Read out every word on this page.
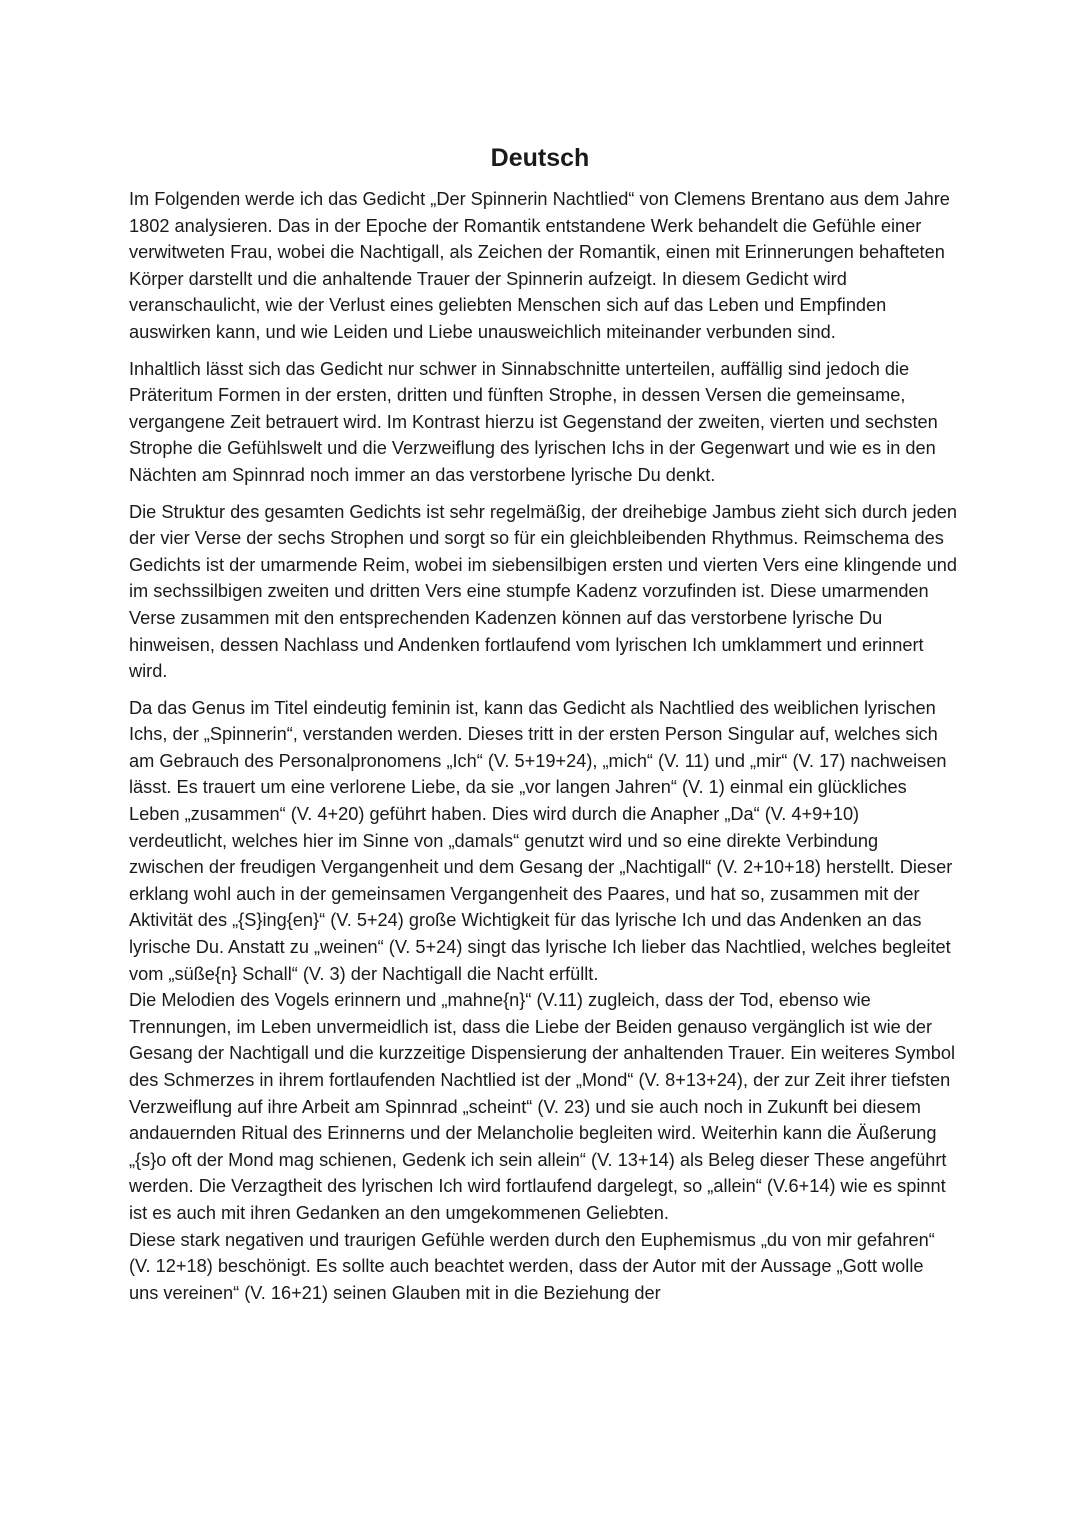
Deutsch

Im Folgenden werde ich das Gedicht „Der Spinnerin Nachtlied“ von Clemens Brentano aus dem Jahre 1802 analysieren. Das in der Epoche der Romantik entstandene Werk behandelt die Gefühle einer verwitweten Frau, wobei die Nachtigall, als Zeichen der Romantik, einen mit Erinnerungen behafteten Körper darstellt und die anhaltende Trauer der Spinnerin aufzeigt. In diesem Gedicht wird veranschaulicht, wie der Verlust eines geliebten Menschen sich auf das Leben und Empfinden auswirken kann, und wie Leiden und Liebe unausweichlich miteinander verbunden sind.

Inhaltlich lässt sich das Gedicht nur schwer in Sinnabschnitte unterteilen, auffällig sind jedoch die Präteritum Formen in der ersten, dritten und fünften Strophe, in dessen Versen die gemeinsame, vergangene Zeit betrauert wird. Im Kontrast hierzu ist Gegenstand der zweiten, vierten und sechsten Strophe die Gefühlswelt und die Verzweiflung des lyrischen Ichs in der Gegenwart und wie es in den Nächten am Spinnrad noch immer an das verstorbene lyrische Du denkt.

Die Struktur des gesamten Gedichts ist sehr regelmäßig, der dreihebige Jambus zieht sich durch jeden der vier Verse der sechs Strophen und sorgt so für ein gleichbleibenden Rhythmus. Reimschema des Gedichts ist der umarmende Reim, wobei im siebensilbigen ersten und vierten Vers eine klingende und im sechssilbigen zweiten und dritten Vers eine stumpfe Kadenz vorzufinden ist. Diese umarmenden Verse zusammen mit den entsprechenden Kadenzen können auf das verstorbene lyrische Du hinweisen, dessen Nachlass und Andenken fortlaufend vom lyrischen Ich umklammert und erinnert wird.

Da das Genus im Titel eindeutig feminin ist, kann das Gedicht als Nachtlied des weiblichen lyrischen Ichs, der „Spinnerin“, verstanden werden. Dieses tritt in der ersten Person Singular auf, welches sich am Gebrauch des Personalpronomens „Ich“ (V. 5+19+24), „mich“ (V. 11) und „mir“ (V. 17) nachweisen lässt. Es trauert um eine verlorene Liebe, da sie „vor langen Jahren“ (V. 1) einmal ein glückliches Leben „zusammen“ (V. 4+20) geführt haben. Dies wird durch die Anapher „Da“ (V. 4+9+10) verdeutlicht, welches hier im Sinne von „damals“ genutzt wird und so eine direkte Verbindung zwischen der freudigen Vergangenheit und dem Gesang der „Nachtigall“ (V. 2+10+18) herstellt. Dieser erklang wohl auch in der gemeinsamen Vergangenheit des Paares, und hat so, zusammen mit der Aktivität des „{S}ing{en}“ (V. 5+24) große Wichtigkeit für das lyrische Ich und das Andenken an das lyrische Du. Anstatt zu „weinen“ (V. 5+24) singt das lyrische Ich lieber das Nachtlied, welches begleitet vom „süße{n} Schall“ (V. 3) der Nachtigall die Nacht erfüllt.

Die Melodien des Vogels erinnern und „mahne{n}“ (V.11) zugleich, dass der Tod, ebenso wie Trennungen, im Leben unvermeidlich ist, dass die Liebe der Beiden genauso vergänglich ist wie der Gesang der Nachtigall und die kurzzeitige Dispensierung der anhaltenden Trauer. Ein weiteres Symbol des Schmerzes in ihrem fortlaufenden Nachtlied ist der „Mond“ (V. 8+13+24), der zur Zeit ihrer tiefsten Verzweiflung auf ihre Arbeit am Spinnrad „scheint“ (V. 23) und sie auch noch in Zukunft bei diesem andauernden Ritual des Erinnerns und der Melancholie begleiten wird. Weiterhin kann die Äußerung „{s}o oft der Mond mag schienen, Gedenk ich sein allein“ (V. 13+14) als Beleg dieser These angeführt werden. Die Verzagtheit des lyrischen Ich wird fortlaufend dargelegt, so „allein“ (V.6+14) wie es spinnt ist es auch mit ihren Gedanken an den umgekommenen Geliebten.

Diese stark negativen und traurigen Gefühle werden durch den Euphemismus „du von mir gefahren“ (V. 12+18) beschönigt. Es sollte auch beachtet werden, dass der Autor mit der Aussage „Gott wolle uns vereinen“ (V. 16+21) seinen Glauben mit in die Beziehung der
